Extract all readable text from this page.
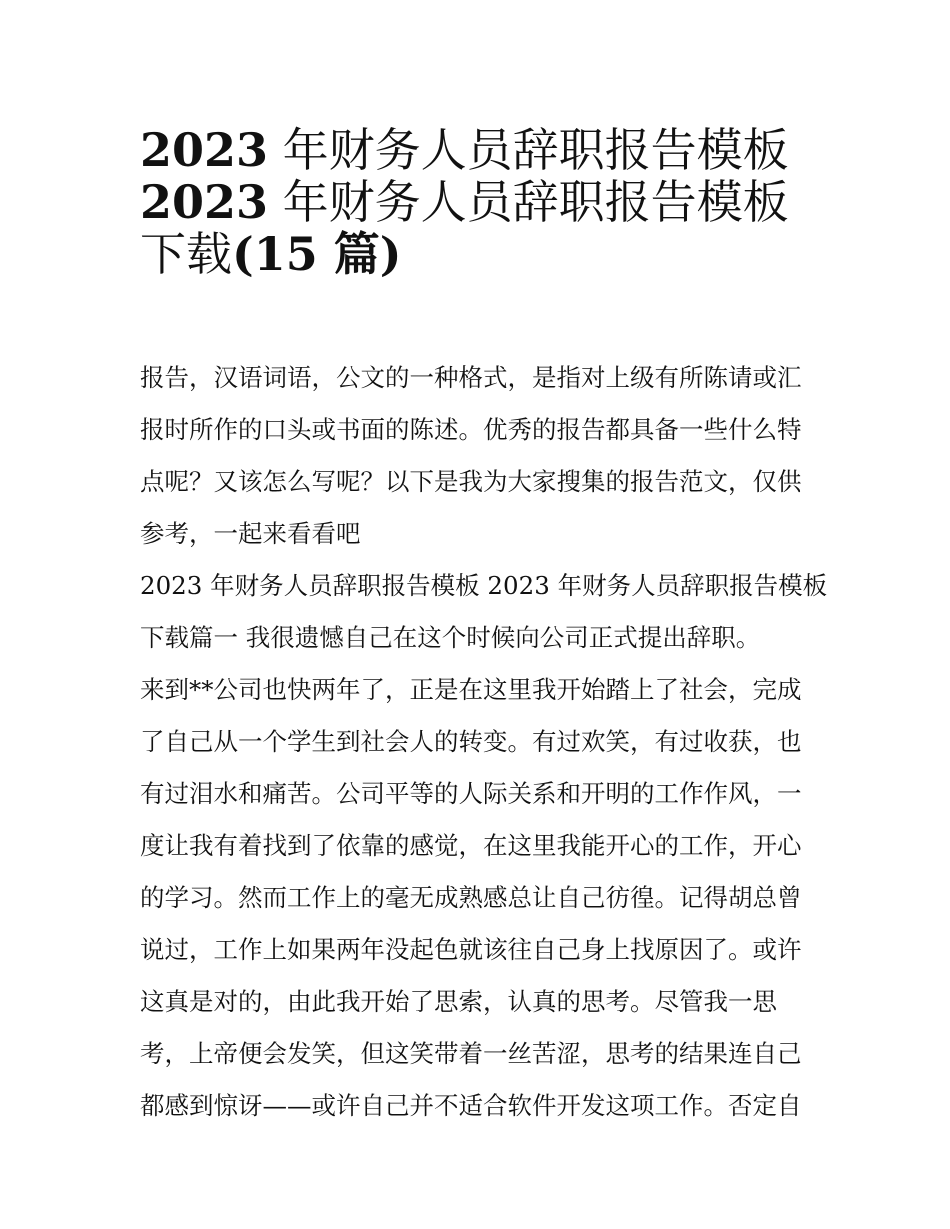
2023 年财务人员辞职报告模板
2023 年财务人员辞职报告模板
下载(15 篇)

报告，汉语词语，公文的一种格式，是指对上级有所陈请或汇
报时所作的口头或书面的陈述。优秀的报告都具备一些什么特
点呢？又该怎么写呢？以下是我为大家搜集的报告范文，仅供
参考，一起来看看吧

2023 年财务人员辞职报告模板 2023 年财务人员辞职报告模板
下载篇一 我很遗憾自己在这个时候向公司正式提出辞职。

来到**公司也快两年了，正是在这里我开始踏上了社会，完成
了自己从一个学生到社会人的转变。有过欢笑，有过收获，也
有过泪水和痛苦。公司平等的人际关系和开明的工作作风，一
度让我有着找到了依靠的感觉，在这里我能开心的工作，开心
的学习。然而工作上的毫无成熟感总让自己彷徨。记得胡总曾
说过，工作上如果两年没起色就该往自己身上找原因了。或许
这真是对的，由此我开始了思索，认真的思考。尽管我一思
考，上帝便会发笑，但这笑带着一丝苦涩，思考的结果连自己
都感到惊讶——或许自己并不适合软件开发这项工作。否定自
